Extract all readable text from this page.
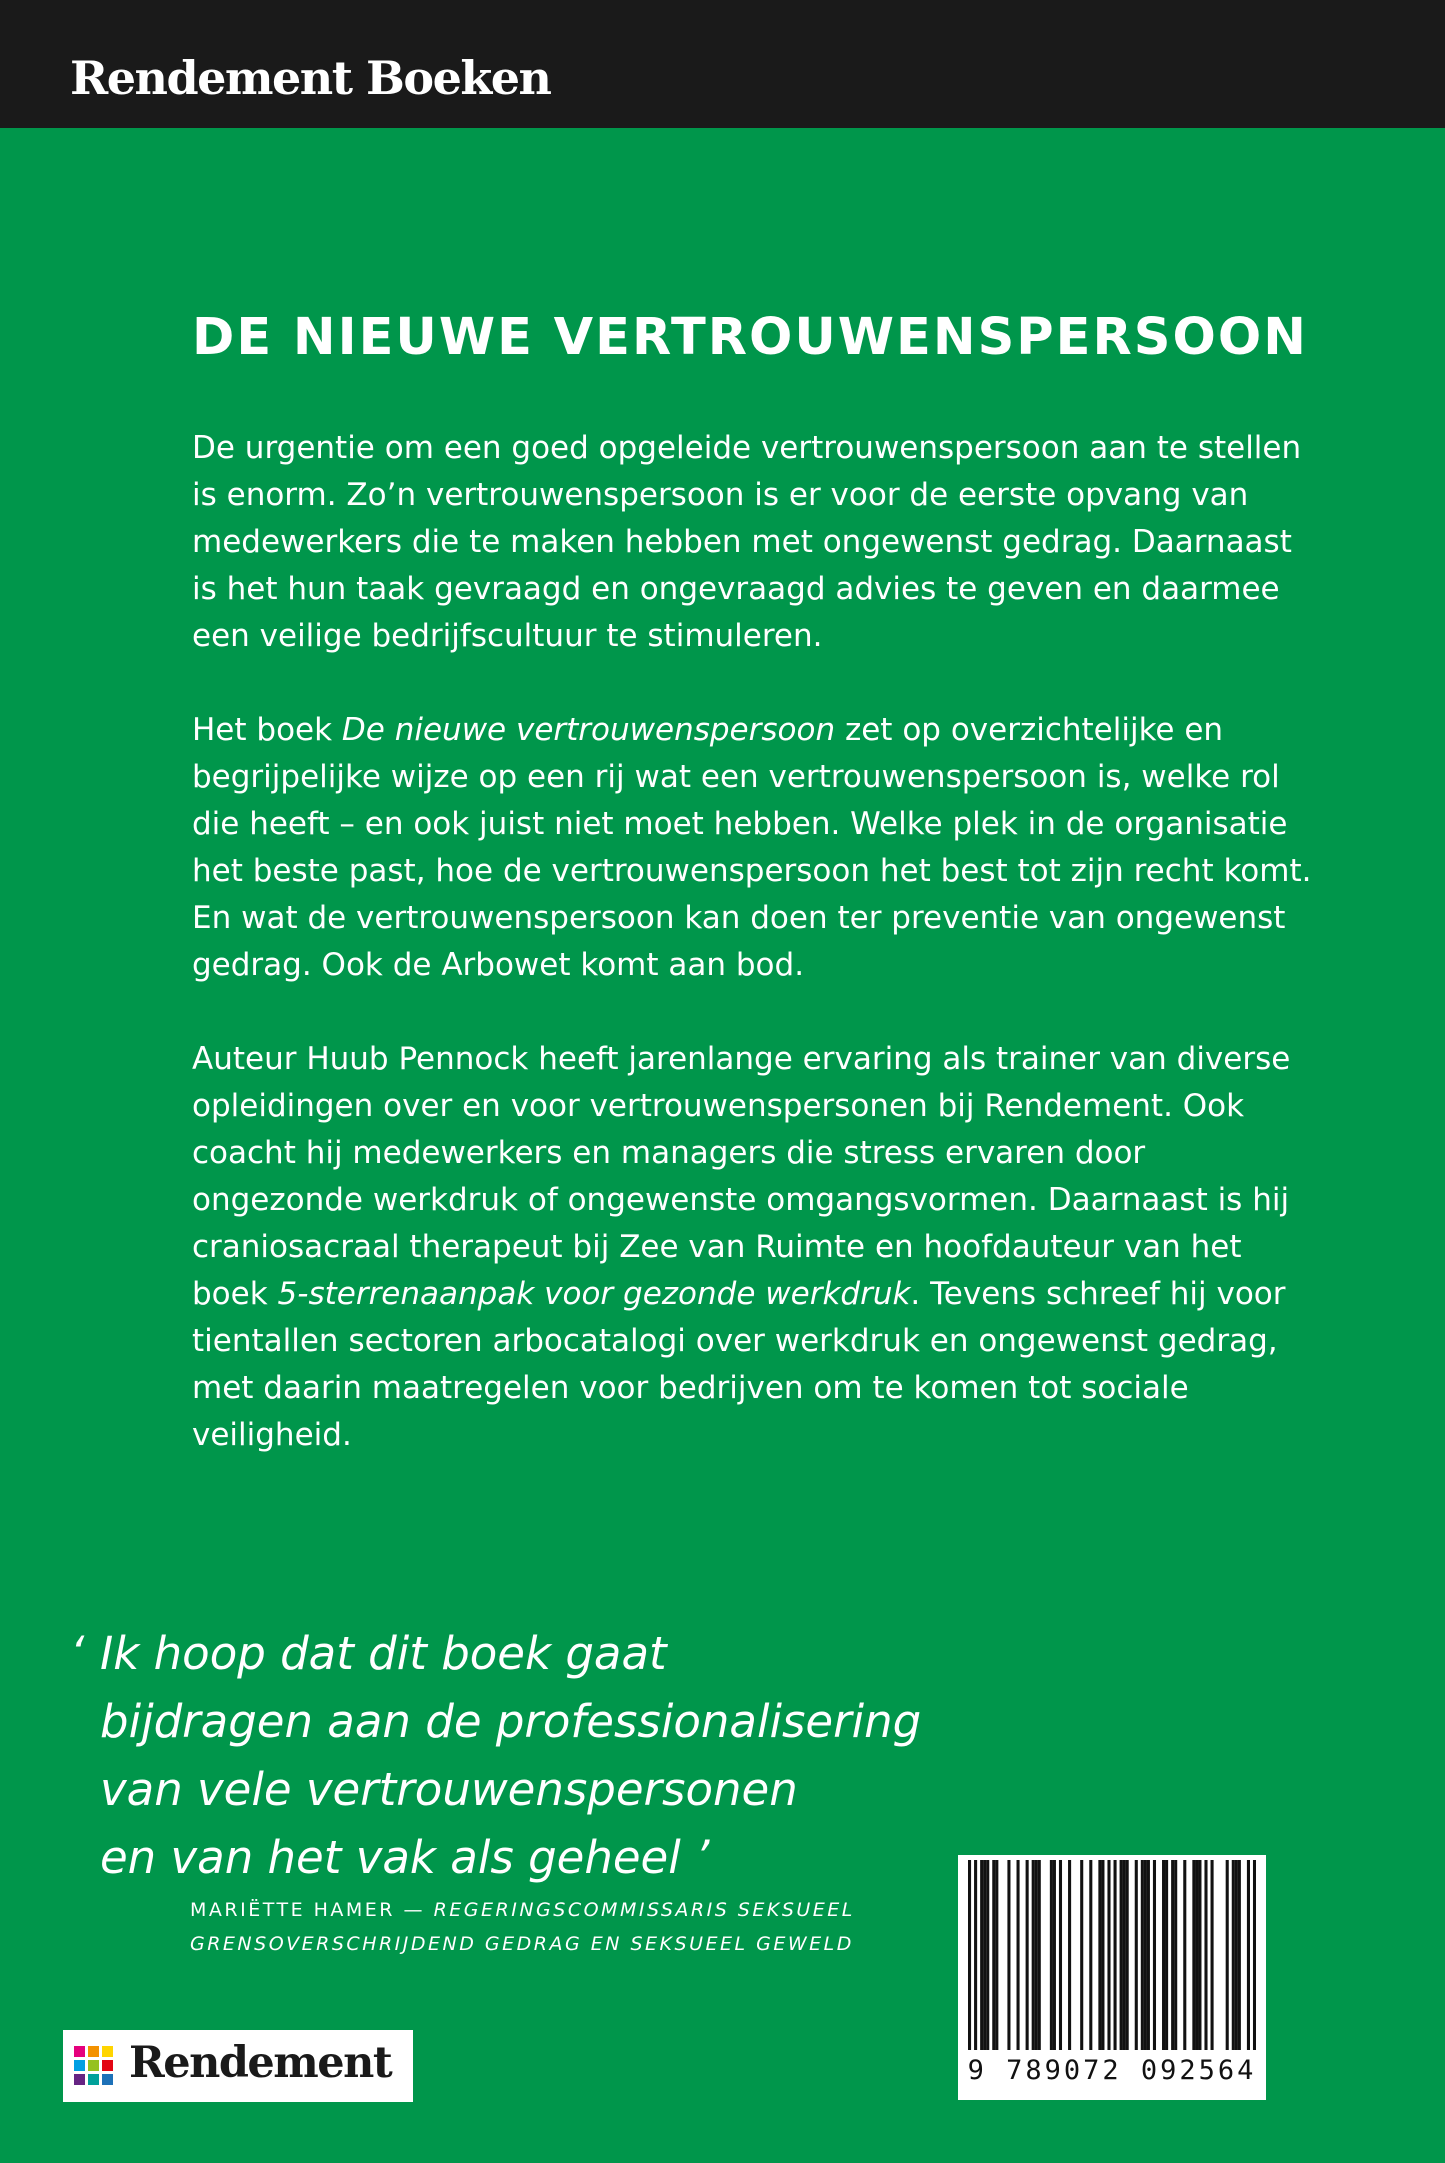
Rendement Boeken
DE NIEUWE VERTROUWENSPERSOON

De urgentie om een goed opgeleide vertrouwenspersoon aan te stellen is enorm. Zo’n vertrouwenspersoon is er voor de eerste opvang van medewerkers die te maken hebben met ongewenst gedrag. Daarnaast is het hun taak gevraagd en ongevraagd advies te geven en daarmee een veilige bedrijfscultuur te stimuleren.

Het boek De nieuwe vertrouwenspersoon zet op overzichtelijke en begrijpelijke wijze op een rij wat een vertrouwenspersoon is, welke rol die heeft – en ook juist niet moet hebben. Welke plek in de organisatie het beste past, hoe de vertrouwenspersoon het best tot zijn recht komt. En wat de vertrouwenspersoon kan doen ter preventie van ongewenst gedrag. Ook de Arbowet komt aan bod.

Auteur Huub Pennock heeft jarenlange ervaring als trainer van diverse opleidingen over en voor vertrouwenspersonen bij Rendement. Ook coacht hij medewerkers en managers die stress ervaren door ongezonde werkdruk of ongewenste omgangsvormen. Daarnaast is hij craniosacraal therapeut bij Zee van Ruimte en hoofdauteur van het boek 5-sterrenaanpak voor gezonde werkdruk. Tevens schreef hij voor tientallen sectoren arbocatalogi over werkdruk en ongewenst gedrag, met daarin maatregelen voor bedrijven om te komen tot sociale veiligheid.

‘ Ik hoop dat dit boek gaat
bijdragen aan de professionalisering
van vele vertrouwenspersonen
en van het vak als geheel ’
MARIËTTE HAMER — REGERINGSCOMMISSARIS SEKSUEEL
GRENSOVERSCHRIJDEND GEDRAG EN SEKSUEEL GEWELD
Rendement	9 789072 092564
